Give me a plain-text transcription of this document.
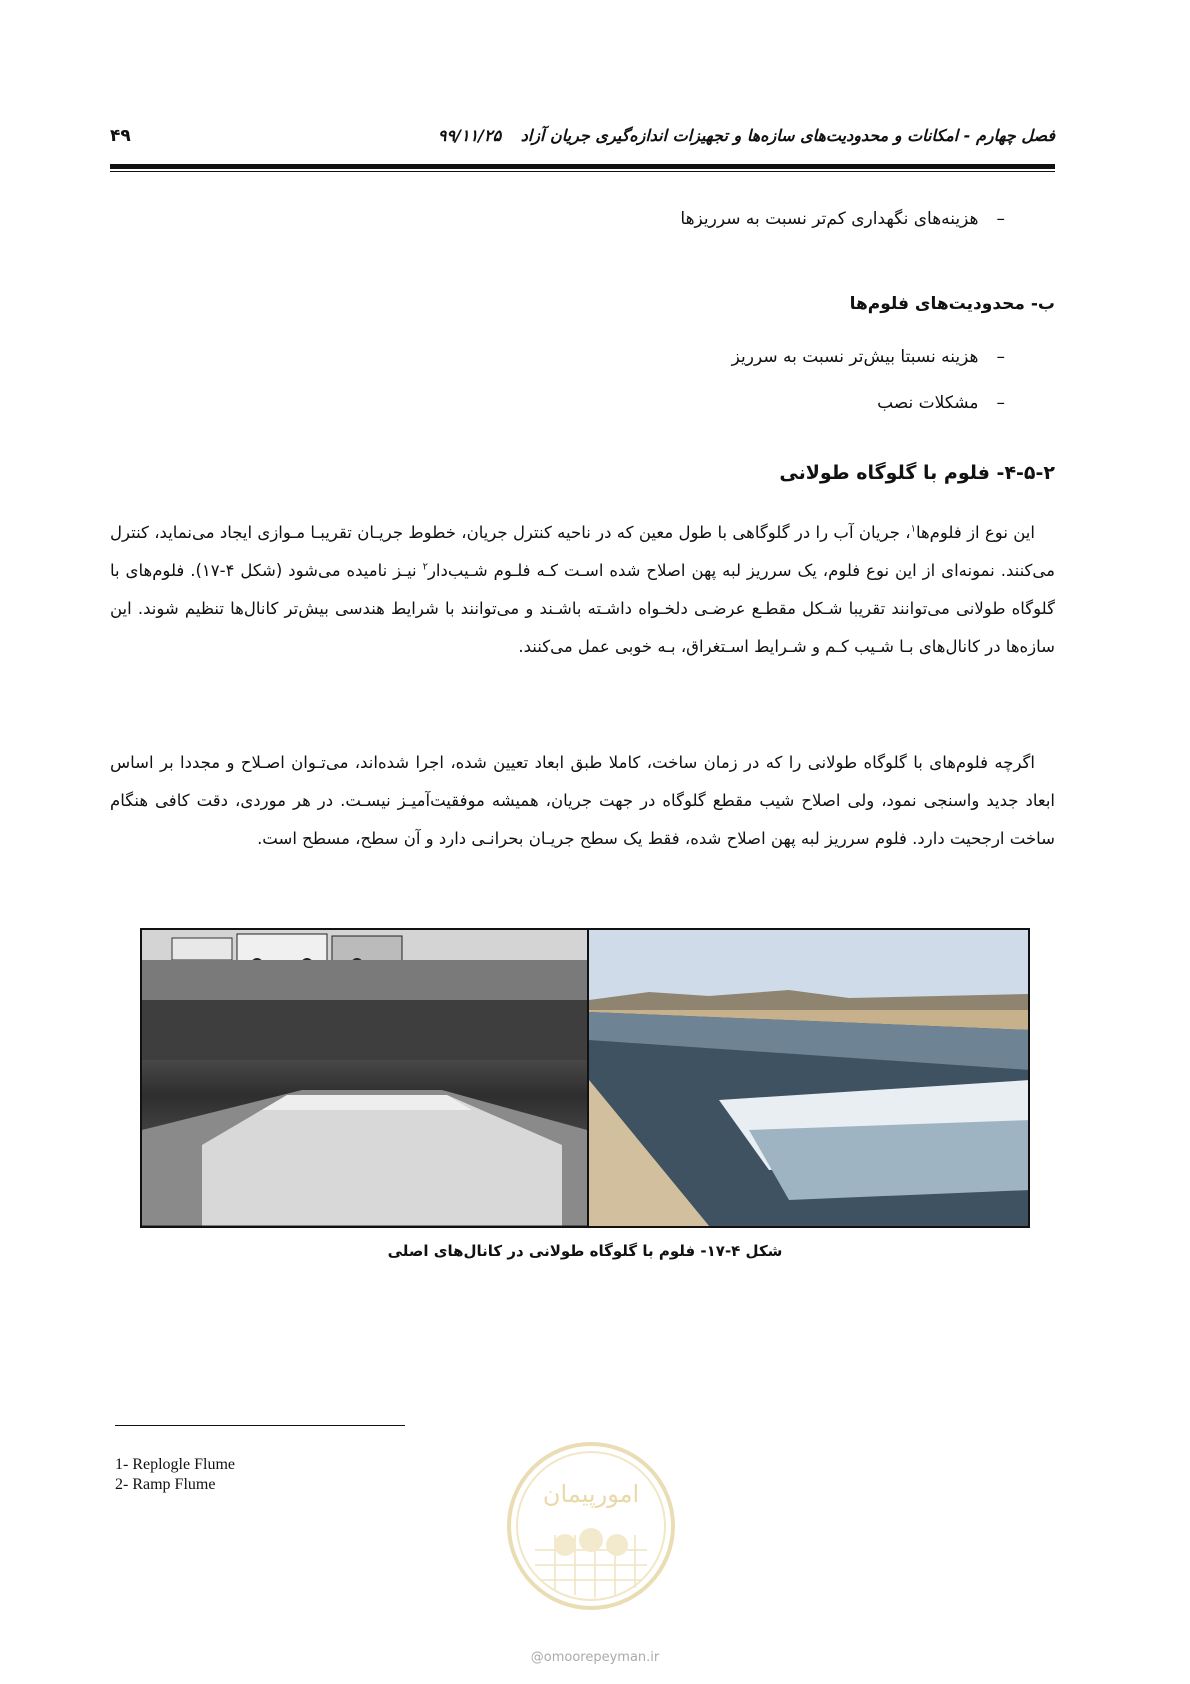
فصل چهارم - امکانات و محدودیت‌های سازه‌ها و تجهیزات اندازه‌گیری جریان آزاد ۹۹/۱۱/۲۵
۴۹
–هزینه‌های نگهداری کم‌تر نسبت به سرریزها
ب- محدودیت‌های فلوم‌ها
–هزینه نسبتا بیش‌تر نسبت به سرریز
–مشکلات نصب
۴-۵-۲- فلوم با گلوگاه طولانی
این نوع از فلوم‌ها$^۱$، جریان آب را در گلوگاهی با طول معین که در ناحیه کنترل جریان، خطوط جریـان تقریبـا مـوازی ایجاد می‌نماید، کنترل می‌کنند. نمونه‌ای از این نوع فلوم، یک سرریز لبه پهن اصلاح شده اسـت کـه فلـوم شـیب‌دار$^۲$ نیـز نامیده می‌شود (شکل ۴-۱۷). فلوم‌های با گلوگاه طولانی می‌توانند تقریبا شـکل مقطـع عرضـی دلخـواه داشـته باشـند و می‌توانند با شرایط هندسی بیش‌تر کانال‌ها تنظیم شوند. این سازه‌ها در کانال‌های بـا شـیب کـم و شـرایط اسـتغراق، بـه خوبی عمل می‌کنند.
اگرچه فلوم‌های با گلوگاه طولانی را که در زمان ساخت، کاملا طبق ابعاد تعیین شده، اجرا شده‌اند، می‌تـوان اصـلاح و مجددا بر اساس ابعاد جدید واسنجی نمود، ولی اصلاح شیب مقطع گلوگاه در جهت جریان، همیشه موفقیت‌آمیـز نیسـت. در هر موردی، دقت کافی هنگام ساخت ارجحیت دارد. فلوم سرریز لبه پهن اصلاح شده، فقط یک سطح جریـان بحرانـی دارد و آن سطح، مسطح است.
شکل ۴-۱۷- فلوم با گلوگاه طولانی در کانال‌های اصلی
1- Replogle Flume
2- Ramp Flume	امورپیمان
@omoorepeyman.ir
